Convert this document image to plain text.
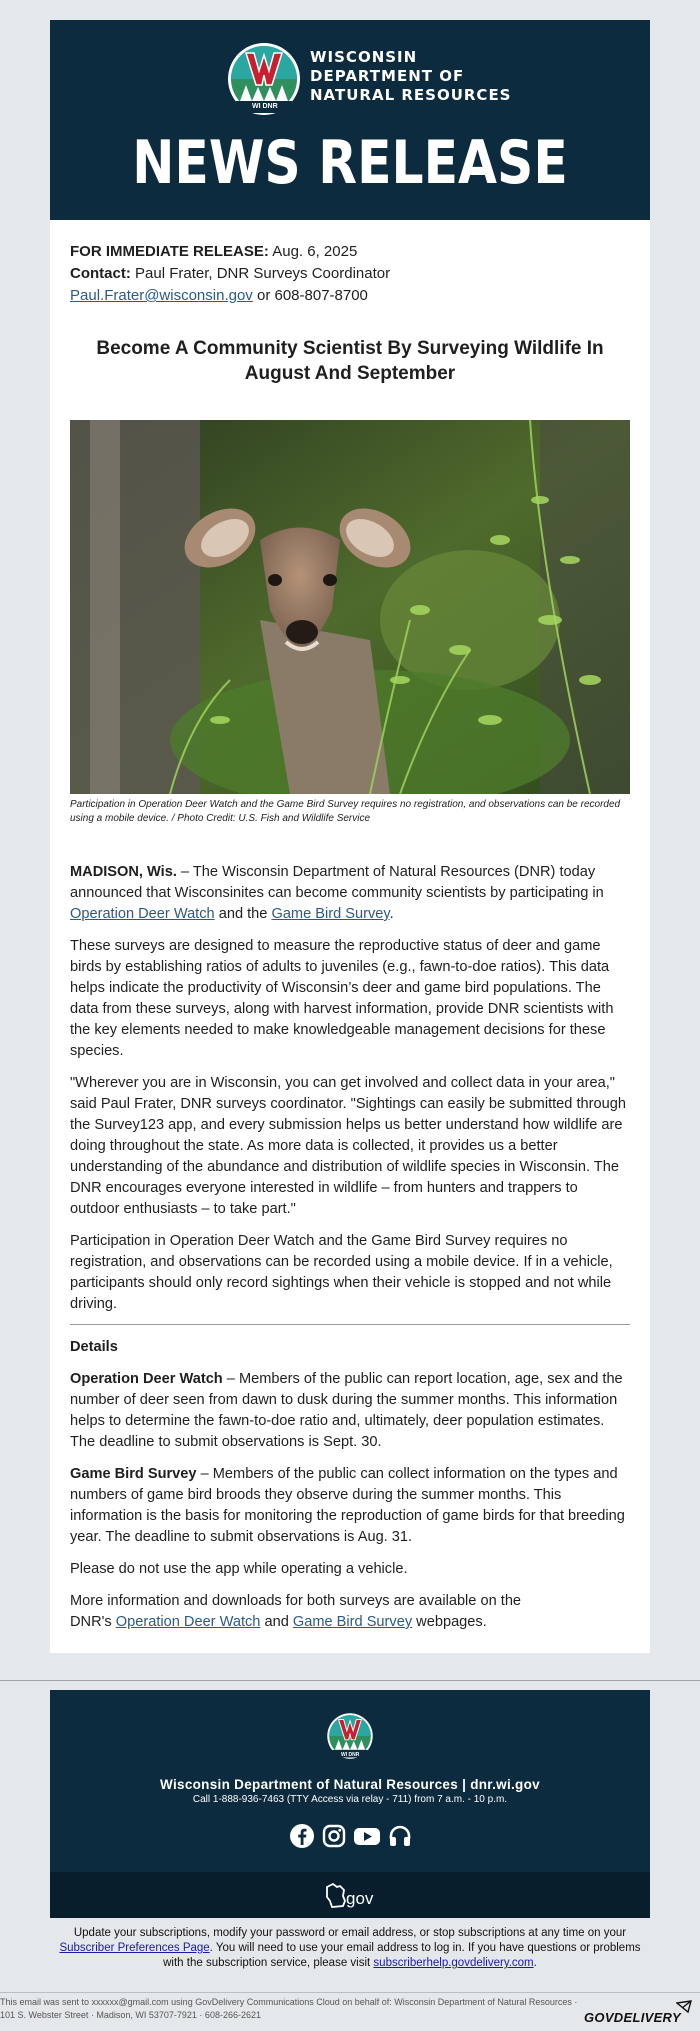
WISCONSIN
DEPARTMENT OF
NATURAL RESOURCES
WI DNR
NEWS RELEASE
FOR IMMEDIATE RELEASE: Aug. 6, 2025
Contact: Paul Frater, DNR Surveys Coordinator
Paul.Frater@wisconsin.gov or 608-807-8700
Become A Community Scientist By Surveying Wildlife In August And September
Participation in Operation Deer Watch and the Game Bird Survey requires no registration, and observations can be recorded using a mobile device. / Photo Credit: U.S. Fish and Wildlife Service

MADISON, Wis. – The Wisconsin Department of Natural Resources (DNR) today announced that Wisconsinites can become community scientists by participating in Operation Deer Watch and the Game Bird Survey.

These surveys are designed to measure the reproductive status of deer and game birds by establishing ratios of adults to juveniles (e.g., fawn-to-doe ratios). This data helps indicate the productivity of Wisconsin’s deer and game bird populations. The data from these surveys, along with harvest information, provide DNR scientists with the key elements needed to make knowledgeable management decisions for these species.

"Wherever you are in Wisconsin, you can get involved and collect data in your area," said Paul Frater, DNR surveys coordinator. "Sightings can easily be submitted through the Survey123 app, and every submission helps us better understand how wildlife are doing throughout the state. As more data is collected, it provides us a better understanding of the abundance and distribution of wildlife species in Wisconsin. The DNR encourages everyone interested in wildlife – from hunters and trappers to outdoor enthusiasts – to take part."

Participation in Operation Deer Watch and the Game Bird Survey requires no registration, and observations can be recorded using a mobile device. If in a vehicle, participants should only record sightings when their vehicle is stopped and not while driving.

Details

Operation Deer Watch – Members of the public can report location, age, sex and the number of deer seen from dawn to dusk during the summer months. This information helps to determine the fawn-to-doe ratio and, ultimately, deer population estimates. The deadline to submit observations is Sept. 30.

Game Bird Survey – Members of the public can collect information on the types and numbers of game bird broods they observe during the summer months. This information is the basis for monitoring the reproduction of game birds for that breeding year. The deadline to submit observations is Aug. 31.

Please do not use the app while operating a vehicle.

More information and downloads for both surveys are available on the DNR's Operation Deer Watch and Game Bird Survey webpages.

WI DNR
Wisconsin Department of Natural Resources | dnr.wi.gov
Call 1-888-936-7463 (TTY Access via relay - 711) from 7 a.m. - 10 p.m.
gov
Update your subscriptions, modify your password or email address, or stop subscriptions at any time on your Subscriber Preferences Page. You will need to use your email address to log in. If you have questions or problems with the subscription service, please visit subscriberhelp.govdelivery.com.
This email was sent to xxxxxx@gmail.com using GovDelivery Communications Cloud on behalf of: Wisconsin Department of Natural Resources · 101 S. Webster Street · Madison, WI 53707-7921 · 608-266-2621	GOVDELIVERY
